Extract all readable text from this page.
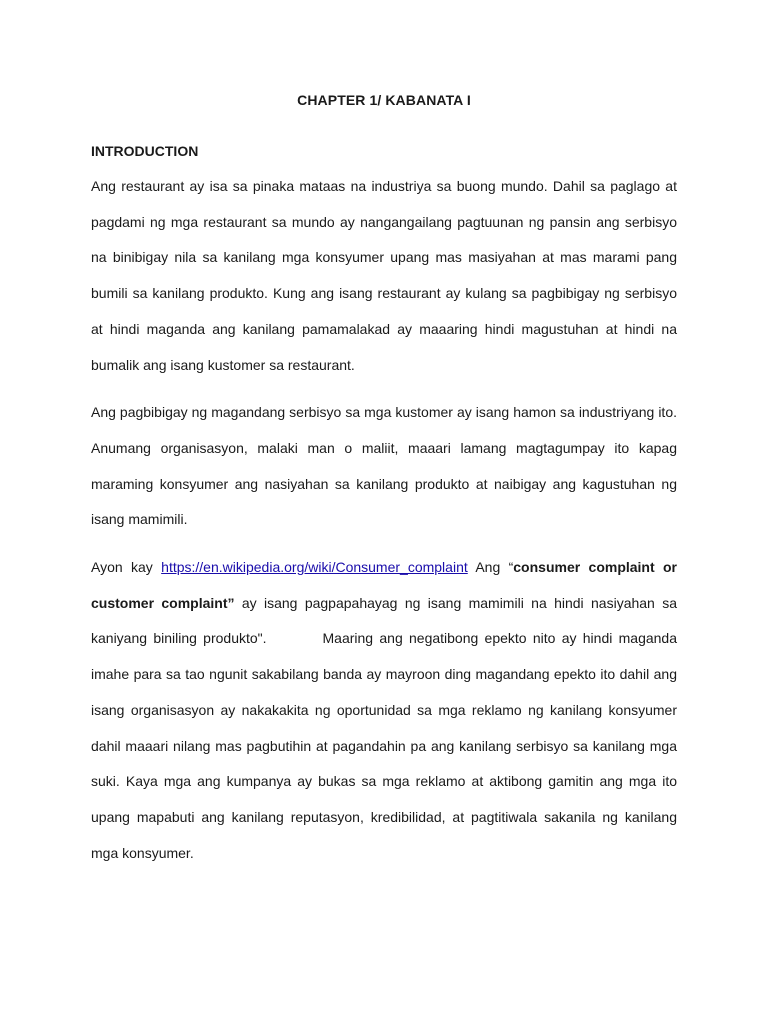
CHAPTER 1/ KABANATA I
INTRODUCTION

Ang restaurant ay isa sa pinaka mataas na industriya sa buong mundo. Dahil sa paglago at pagdami ng mga restaurant sa mundo ay nangangailang pagtuunan ng pansin ang serbisyo na binibigay nila sa kanilang mga konsyumer upang mas masiyahan at mas marami pang bumili sa kanilang produkto. Kung ang isang restaurant ay kulang sa pagbibigay ng serbisyo at hindi maganda ang kanilang pamamalakad ay maaaring hindi magustuhan at hindi na bumalik ang isang kustomer sa restaurant.

Ang pagbibigay ng magandang serbisyo sa mga kustomer ay isang hamon sa industriyang ito. Anumang organisasyon, malaki man o maliit, maaari lamang magtagumpay ito kapag maraming konsyumer ang nasiyahan sa kanilang produkto at naibigay ang kagustuhan ng isang mamimili.

Ayon kay https://en.wikipedia.org/wiki/Consumer_complaint Ang “consumer complaint or customer complaint” ay isang pagpapahayag ng isang mamimili na hindi nasiyahan sa kaniyang biniling produkto".	Maaring ang negatibong epekto nito ay hindi maganda imahe para sa tao ngunit sakabilang banda ay mayroon ding magandang epekto ito dahil ang isang organisasyon ay nakakakita ng oportunidad sa mga reklamo ng kanilang konsyumer dahil maaari nilang mas pagbutihin at pagandahin pa ang kanilang serbisyo sa kanilang mga suki. Kaya mga ang kumpanya ay bukas sa mga reklamo at aktibong gamitin ang mga ito upang mapabuti ang kanilang reputasyon, kredibilidad, at pagtitiwala sakanila ng kanilang mga konsyumer.
